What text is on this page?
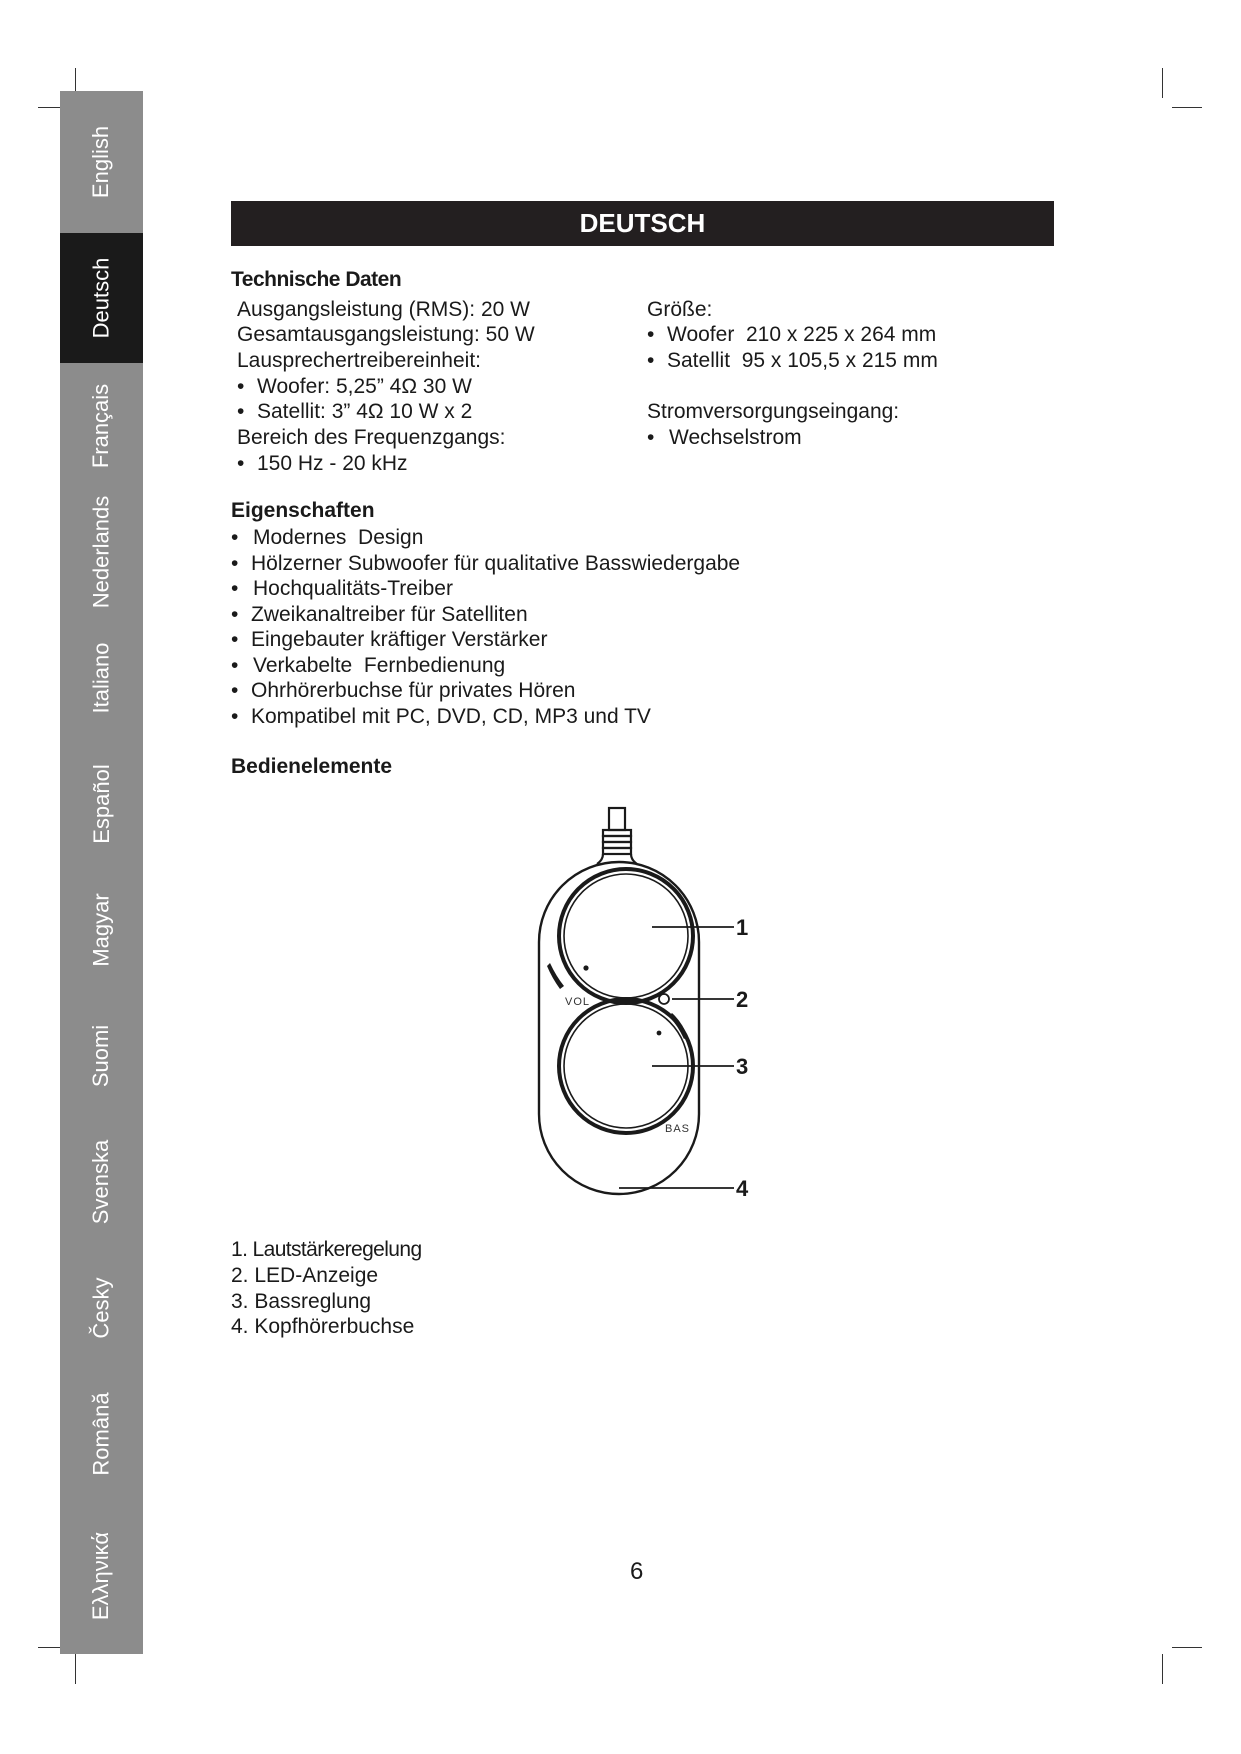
English
Deutsch
Français
Nederlands
Italiano
Español
Magyar
Suomi
Svenska
Česky
Română
Ελληνικά
DEUTSCH
Technische Daten
Ausgangsleistung (RMS): 20 W
Gesamtausgangsleistung: 50 W
Lausprechertreibereinheit:
• Woofer: 5,25” 4Ω 30 W
• Satellit: 3” 4Ω 10 W x 2
Bereich des Frequenzgangs:
• 150 Hz - 20 kHz
Größe:
• Woofer  210 x 225 x 264 mm
• Satellit  95 x 105,5 x 215 mm
Stromversorgungseingang:
• Wechselstrom
Eigenschaften
• Modernes  Design
• Hölzerner Subwoofer für qualitative Basswiedergabe
• Hochqualitäts-Treiber
• Zweikanaltreiber für Satelliten
• Eingebauter kräftiger Verstärker
• Verkabelte  Fernbedienung
• Ohrhörerbuchse für privates Hören
• Kompatibel mit PC, DVD, CD, MP3 und TV
Bedienelemente
VOL
BAS
1
2
3
4
1. Lautstärkeregelung
2. LED-Anzeige
3. Bassreglung
4. Kopfhörerbuchse
6
